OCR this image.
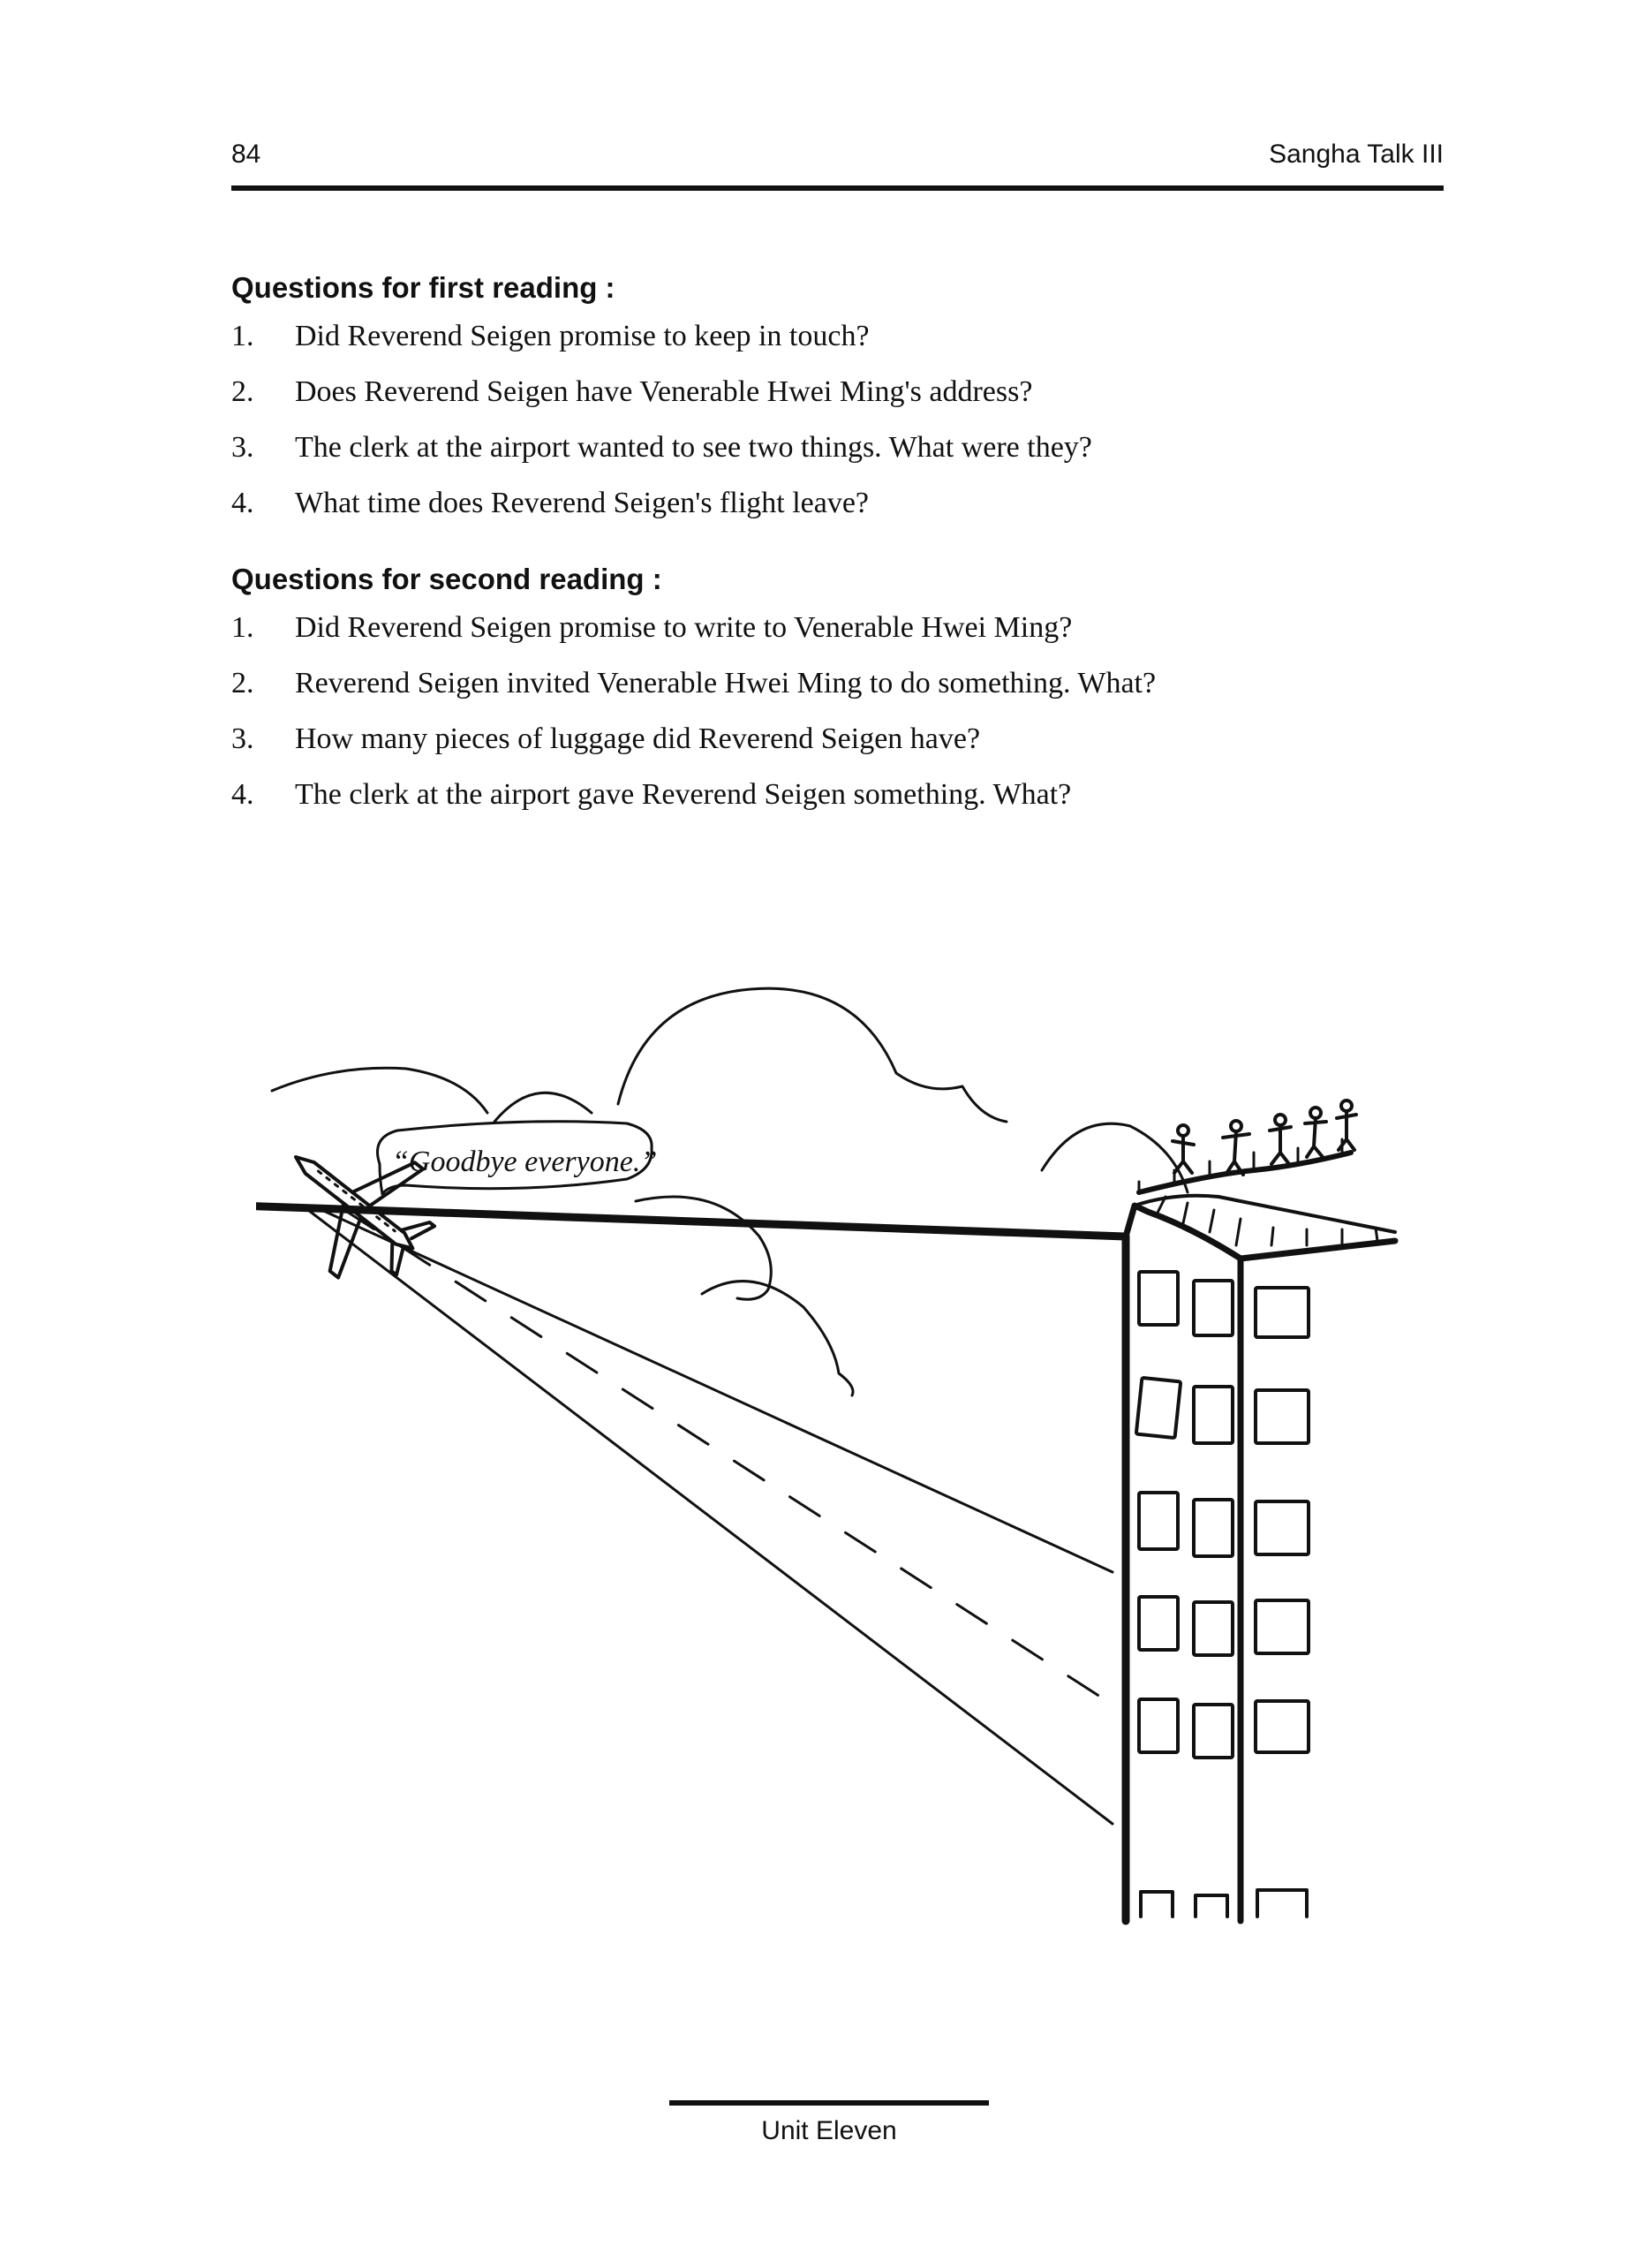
84	Sangha Talk III
Questions for first reading :
1. Did Reverend Seigen promise to keep in touch?
2. Does Reverend Seigen have Venerable Hwei Ming's address?
3. The clerk at the airport wanted to see two things. What were they?
4. What time does Reverend Seigen's flight leave?
Questions for second reading :
1. Did Reverend Seigen promise to write to Venerable Hwei Ming?
2. Reverend Seigen invited Venerable Hwei Ming to do something. What?
3. How many pieces of luggage did Reverend Seigen have?
4. The clerk at the airport gave Reverend Seigen something. What?
“Goodbye everyone.”
Unit Eleven
